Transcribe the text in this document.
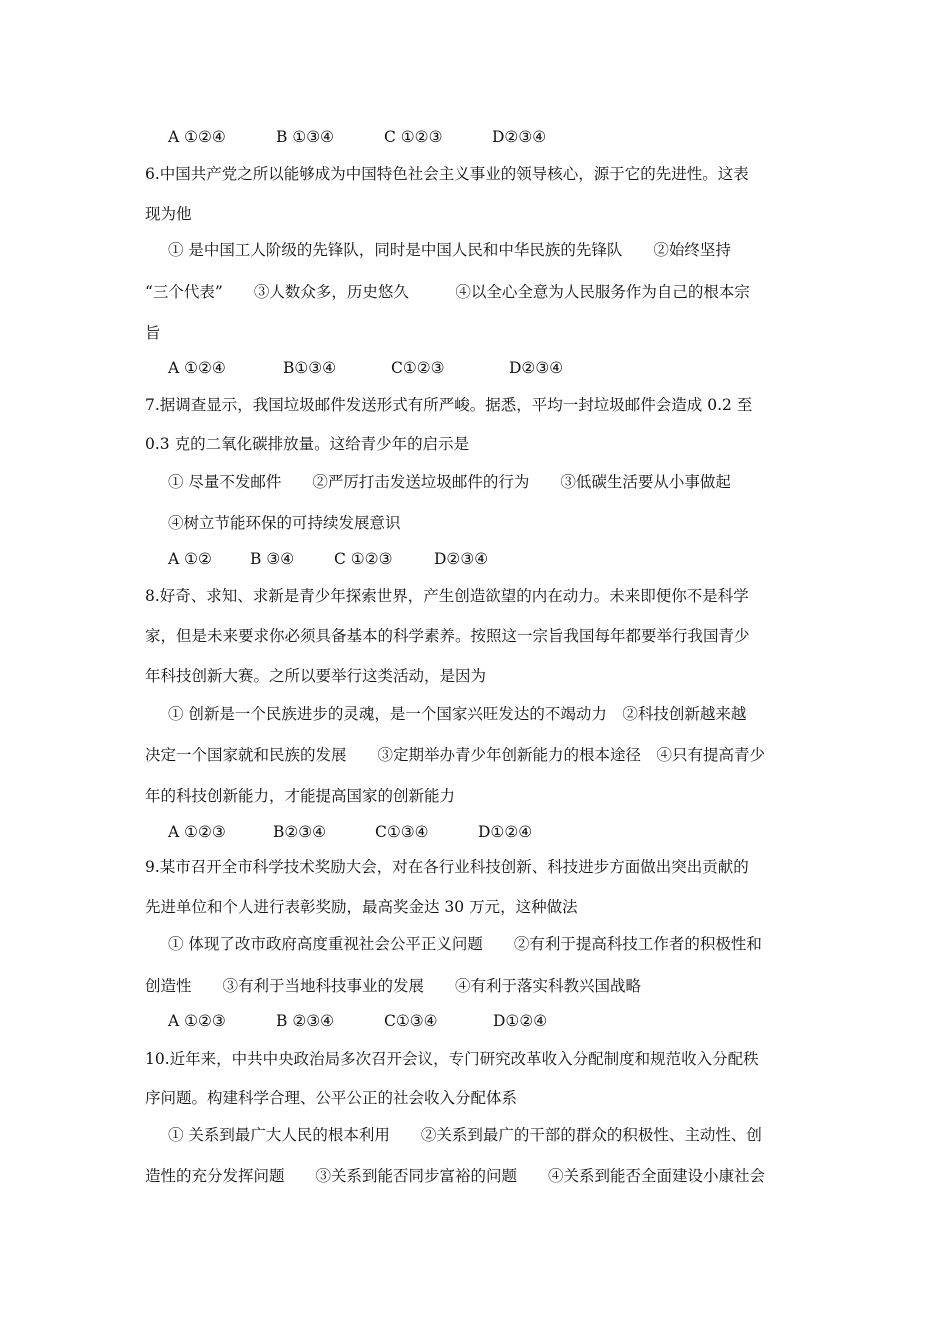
A ①②④	B ①③④	C ①②③	D②③④
6.中国共产党之所以能够成为中国特色社会主义事业的领导核心，源于它的先进性。这表
现为他
① 是中国工人阶级的先锋队，同时是中国人民和中华民族的先锋队　　②始终坚持
“三个代表”　　③人数众多，历史悠久　　　④以全心全意为人民服务作为自己的根本宗
旨
A ①②④	B①③④	C①②③	D②③④
7.据调查显示，我国垃圾邮件发送形式有所严峻。据悉，平均一封垃圾邮件会造成 0.2 至
0.3 克的二氧化碳排放量。这给青少年的启示是
① 尽量不发邮件　　②严厉打击发送垃圾邮件的行为　　③低碳生活要从小事做起
④树立节能环保的可持续发展意识
A ①②	B ③④	C ①②③	D②③④
8.好奇、求知、求新是青少年探索世界，产生创造欲望的内在动力。未来即便你不是科学
家，但是未来要求你必须具备基本的科学素养。按照这一宗旨我国每年都要举行我国青少
年科技创新大赛。之所以要举行这类活动，是因为
① 创新是一个民族进步的灵魂，是一个国家兴旺发达的不竭动力　②科技创新越来越
决定一个国家就和民族的发展　　③定期举办青少年创新能力的根本途径　④只有提高青少
年的科技创新能力，才能提高国家的创新能力
A ①②③	B②③④	C①③④	D①②④
9.某市召开全市科学技术奖励大会，对在各行业科技创新、科技进步方面做出突出贡献的
先进单位和个人进行表彰奖励，最高奖金达 30 万元，这种做法
① 体现了改市政府高度重视社会公平正义问题　　②有利于提高科技工作者的积极性和
创造性　　③有利于当地科技事业的发展　　④有利于落实科教兴国战略
A ①②③	B ②③④	C①③④	D①②④
10.近年来，中共中央政治局多次召开会议，专门研究改革收入分配制度和规范收入分配秩
序问题。构建科学合理、公平公正的社会收入分配体系
① 关系到最广大人民的根本利用　　②关系到最广的干部的群众的积极性、主动性、创
造性的充分发挥问题　　③关系到能否同步富裕的问题　　④关系到能否全面建设小康社会
